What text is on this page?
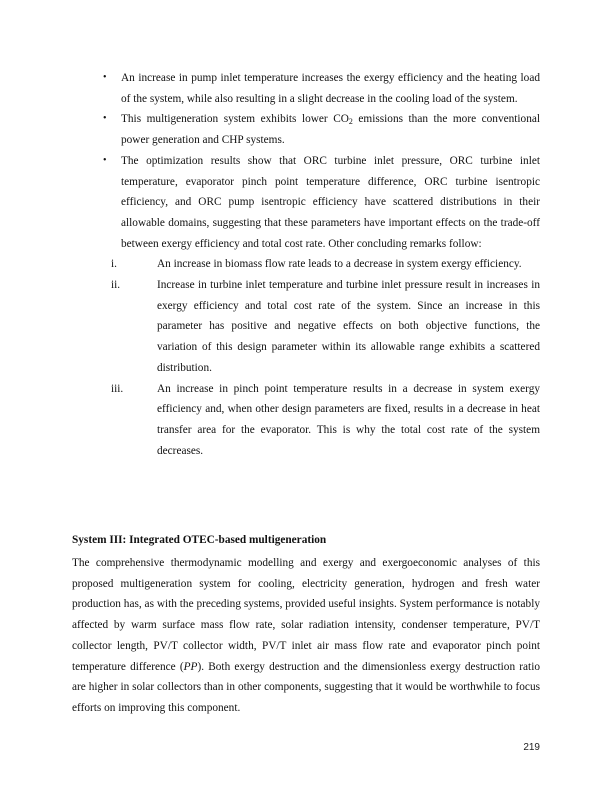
•	An increase in pump inlet temperature increases the exergy efficiency and the heating load of the system, while also resulting in a slight decrease in the cooling load of the system.
•	This multigeneration system exhibits lower $CO_2$ emissions than the more conventional power generation and CHP systems.
•	The optimization results show that ORC turbine inlet pressure, ORC turbine inlet temperature, evaporator pinch point temperature difference, ORC turbine isentropic efficiency, and ORC pump isentropic efficiency have scattered distributions in their allowable domains, suggesting that these parameters have important effects on the trade-off between exergy efficiency and total cost rate. Other concluding remarks follow:
i.	An increase in biomass flow rate leads to a decrease in system exergy efficiency.
ii.	Increase in turbine inlet temperature and turbine inlet pressure result in increases in exergy efficiency and total cost rate of the system. Since an increase in this parameter has positive and negative effects on both objective functions, the variation of this design parameter within its allowable range exhibits a scattered distribution.
iii.	An increase in pinch point temperature results in a decrease in system exergy efficiency and, when other design parameters are fixed, results in a decrease in heat transfer area for the evaporator. This is why the total cost rate of the system decreases.
System III: Integrated OTEC-based multigeneration

The comprehensive thermodynamic modelling and exergy and exergoeconomic analyses of this proposed multigeneration system for cooling, electricity generation, hydrogen and fresh water production has, as with the preceding systems, provided useful insights. System performance is notably affected by warm surface mass flow rate, solar radiation intensity, condenser temperature, PV/T collector length, PV/T collector width, PV/T inlet air mass flow rate and evaporator pinch point temperature difference (PP). Both exergy destruction and the dimensionless exergy destruction ratio are higher in solar collectors than in other components, suggesting that it would be worthwhile to focus efforts on improving this component.

219
